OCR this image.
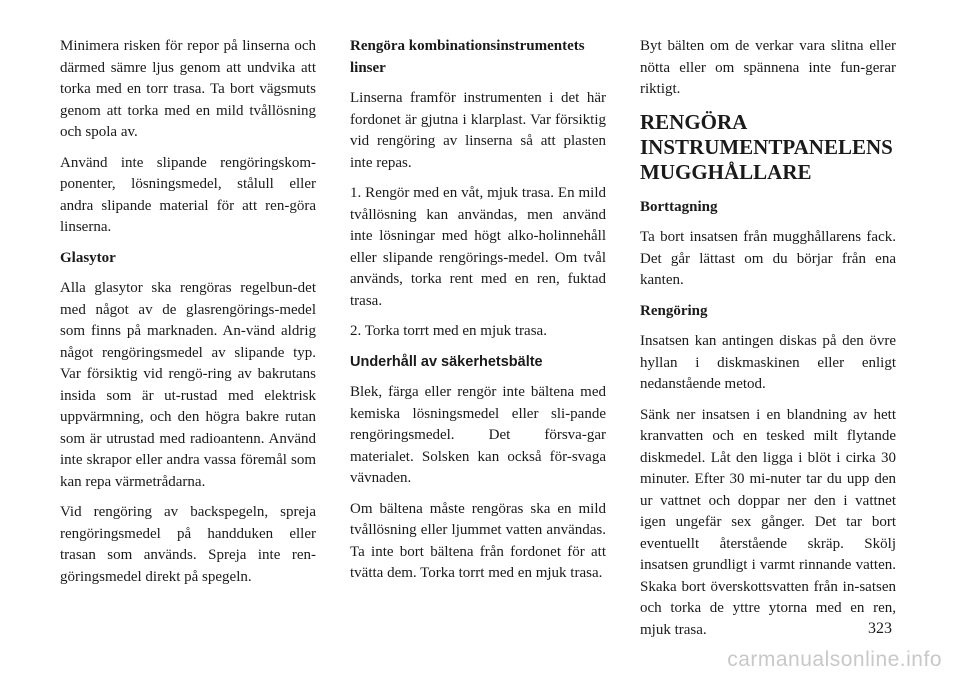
Minimera risken för repor på linserna och därmed sämre ljus genom att undvika att torka med en torr trasa. Ta bort vägsmuts genom att torka med en mild tvållösning och spola av.

Använd inte slipande rengöringskom-ponenter, lösningsmedel, stålull eller andra slipande material för att ren-göra linserna.

Glasytor

Alla glasytor ska rengöras regelbun-det med något av de glasrengörings-medel som finns på marknaden. An-vänd aldrig något rengöringsmedel av slipande typ. Var försiktig vid rengö-ring av bakrutans insida som är ut-rustad med elektrisk uppvärmning, och den högra bakre rutan som är utrustad med radioantenn. Använd inte skrapor eller andra vassa föremål som kan repa värmetrådarna.

Vid rengöring av backspegeln, spreja rengöringsmedel på handduken eller trasan som används. Spreja inte ren-göringsmedel direkt på spegeln.

Rengöra kombinationsinstrumentets linser

Linserna framför instrumenten i det här fordonet är gjutna i klarplast. Var försiktig vid rengöring av linserna så att plasten inte repas.

1. Rengör med en våt, mjuk trasa. En mild tvållösning kan användas, men använd inte lösningar med högt alko-holinnehåll eller slipande rengörings-medel. Om tvål används, torka rent med en ren, fuktad trasa.

2. Torka torrt med en mjuk trasa.

Underhåll av säkerhetsbälte

Blek, färga eller rengör inte bältena med kemiska lösningsmedel eller sli-pande rengöringsmedel. Det försva-gar materialet. Solsken kan också för-svaga vävnaden.

Om bältena måste rengöras ska en mild tvållösning eller ljummet vatten användas. Ta inte bort bältena från fordonet för att tvätta dem. Torka torrt med en mjuk trasa.

Byt bälten om de verkar vara slitna eller nötta eller om spännena inte fun-gerar riktigt.

RENGÖRA INSTRUMENTPANELENS MUGGHÅLLARE
Borttagning

Ta bort insatsen från mugghållarens fack. Det går lättast om du börjar från ena kanten.

Rengöring

Insatsen kan antingen diskas på den övre hyllan i diskmaskinen eller enligt nedanstående metod.

Sänk ner insatsen i en blandning av hett kranvatten och en tesked milt flytande diskmedel. Låt den ligga i blöt i cirka 30 minuter. Efter 30 mi-nuter tar du upp den ur vattnet och doppar ner den i vattnet igen ungefär sex gånger. Det tar bort eventuellt återstående skräp. Skölj insatsen grundligt i varmt rinnande vatten. Skaka bort överskottsvatten från in-satsen och torka de yttre ytorna med en ren, mjuk trasa.	323
carmanualsonline.info
